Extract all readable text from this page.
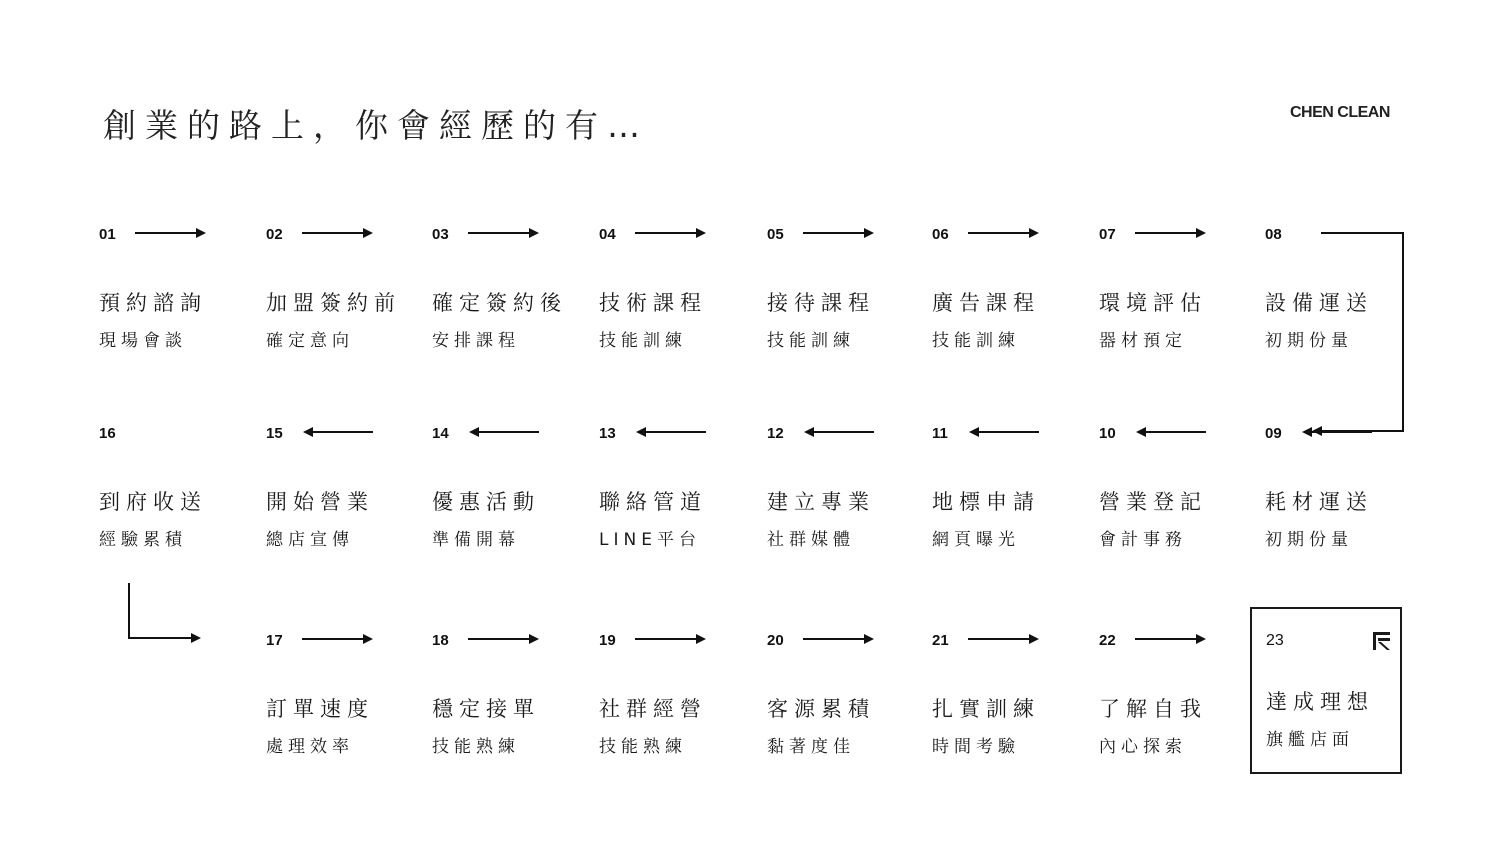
創業的路上，你會經歷的有…	CHEN CLEAN
01
預約諮詢
現場會談
02
加盟簽約前
確定意向
03
確定簽約後
安排課程
04
技術課程
技能訓練
05
接待課程
技能訓練
06
廣告課程
技能訓練
07
環境評估
器材預定
08
設備運送
初期份量
09
耗材運送
初期份量
10
營業登記
會計事務
11
地標申請
網頁曝光
12
建立專業
社群媒體
13
聯絡管道
LINE平台
14
優惠活動
準備開幕
15
開始營業
總店宣傳
16
到府收送
經驗累積
17
訂單速度
處理效率
18
穩定接單
技能熟練
19
社群經營
技能熟練
20
客源累積
黏著度佳
21
扎實訓練
時間考驗
22
了解自我
內心探索
23
達成理想
旗艦店面
